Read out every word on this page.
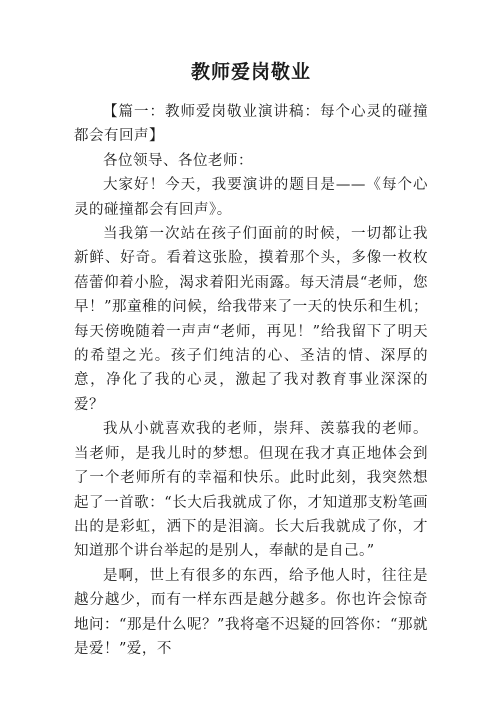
教师爱岗敬业

【篇一：教师爱岗敬业演讲稿：每个心灵的碰撞都会有回声】

各位领导、各位老师：

大家好！今天，我要演讲的题目是——《每个心灵的碰撞都会有回声》。

当我第一次站在孩子们面前的时候，一切都让我新鲜、好奇。看着这张脸，摸着那个头，多像一枚枚蓓蕾仰着小脸，渴求着阳光雨露。每天清晨“老师，您早！”那童稚的问候，给我带来了一天的快乐和生机；每天傍晚随着一声声“老师，再见！”给我留下了明天的希望之光。孩子们纯洁的心、圣洁的情、深厚的意，净化了我的心灵，激起了我对教育事业深深的爱？

我从小就喜欢我的老师，崇拜、羡慕我的老师。当老师，是我儿时的梦想。但现在我才真正地体会到了一个老师所有的幸福和快乐。此时此刻，我突然想起了一首歌：“长大后我就成了你，才知道那支粉笔画出的是彩虹，洒下的是泪滴。长大后我就成了你，才知道那个讲台举起的是别人，奉献的是自己。”

是啊，世上有很多的东西，给予他人时，往往是越分越少，而有一样东西是越分越多。你也许会惊奇地问：“那是什么呢？”我将毫不迟疑的回答你：“那就是爱！”爱，不
